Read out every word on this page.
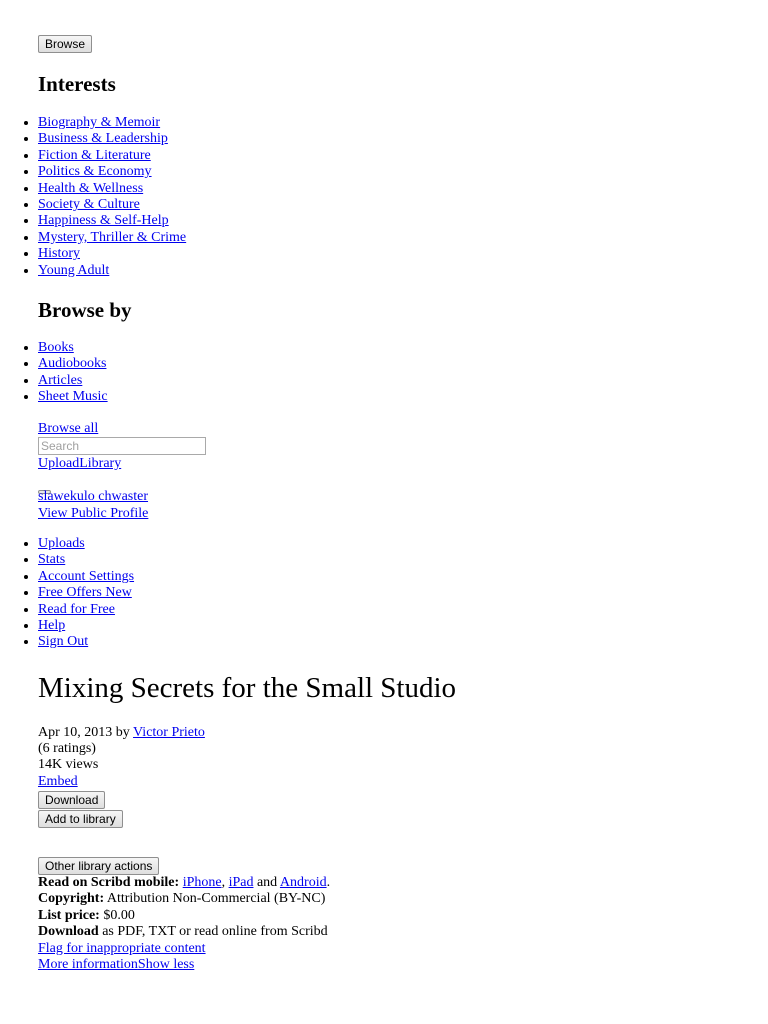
Browse
Interests
• Biography & Memoir
• Business & Leadership
• Fiction & Literature
• Politics & Economy
• Health & Wellness
• Society & Culture
• Happiness & Self-Help
• Mystery, Thriller & Crime
• History
• Young Adult
Browse by
• Books
• Audiobooks
• Articles
• Sheet Music
Browse all
Search
UploadLibrary
slawekulo chwaster
View Public Profile
• Uploads
• Stats
• Account Settings
• Free Offers New
• Read for Free
• Help
• Sign Out
Mixing Secrets for the Small Studio
Apr 10, 2013 by Victor Prieto
(6 ratings)
14K views
Embed
Download
Add to library
Other library actions
Read on Scribd mobile: iPhone, iPad and Android.
Copyright: Attribution Non-Commercial (BY-NC)
List price: $0.00
Download as PDF, TXT or read online from Scribd
Flag for inappropriate content
More informationShow less
